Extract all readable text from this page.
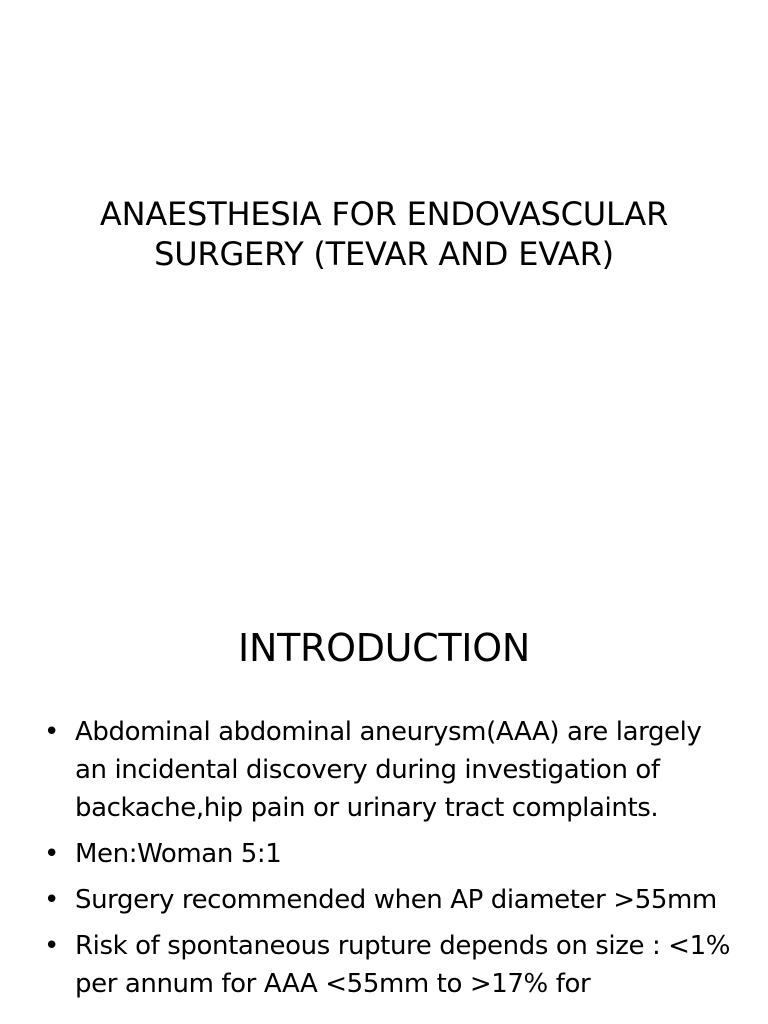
ANAESTHESIA FOR ENDOVASCULAR
SURGERY (TEVAR AND EVAR)
INTRODUCTION
• Abdominal abdominal aneurysm(AAA) are largely an incidental discovery during investigation of backache,hip pain or urinary tract complaints.
• Men:Woman 5:1
• Surgery recommended when AP diameter >55mm
• Risk of spontaneous rupture depends on size : <1% per annum for AAA <55mm to >17% for
